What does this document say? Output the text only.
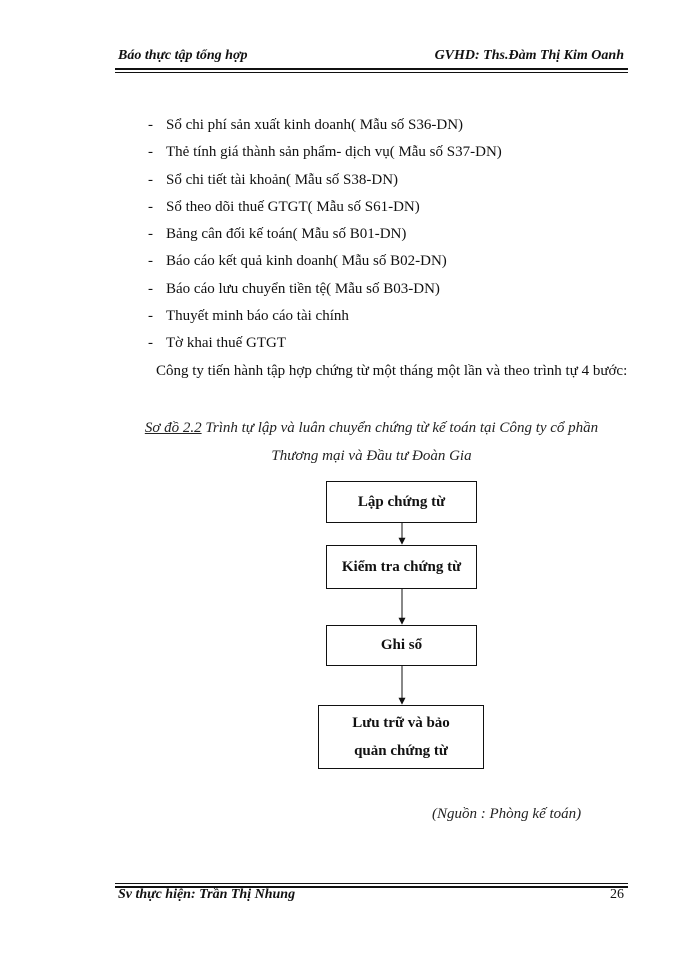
Báo thực tập tổng hợp	GVHD: Ths.Đàm Thị Kim Oanh
- Sổ chi phí sản xuất kinh doanh( Mẫu số S36-DN)
- Thẻ tính giá thành sản phẩm- dịch vụ( Mẫu số S37-DN)
- Sổ chi tiết tài khoản( Mẫu số S38-DN)
- Sổ theo dõi thuế GTGT( Mẫu số S61-DN)
- Bảng cân đối kế toán( Mẫu số B01-DN)
- Báo cáo kết quả kinh doanh( Mẫu số B02-DN)
- Báo cáo lưu chuyển tiền tệ( Mẫu số B03-DN)
- Thuyết minh báo cáo tài chính
- Tờ khai thuế GTGT

Công ty tiến hành tập hợp chứng từ một tháng một lần và theo trình tự 4 bước:

Sơ đồ 2.2 Trình tự lập và luân chuyển chứng từ kế toán tại Công ty cổ phần
Thương mại và Đầu tư Đoàn Gia
Lập chứng từ
Kiểm tra chứng từ
Ghi sổ
Lưu trữ và bảo quản chứng từ
(Nguồn : Phòng kế toán)
Sv thực hiện: Trần Thị Nhung	26
